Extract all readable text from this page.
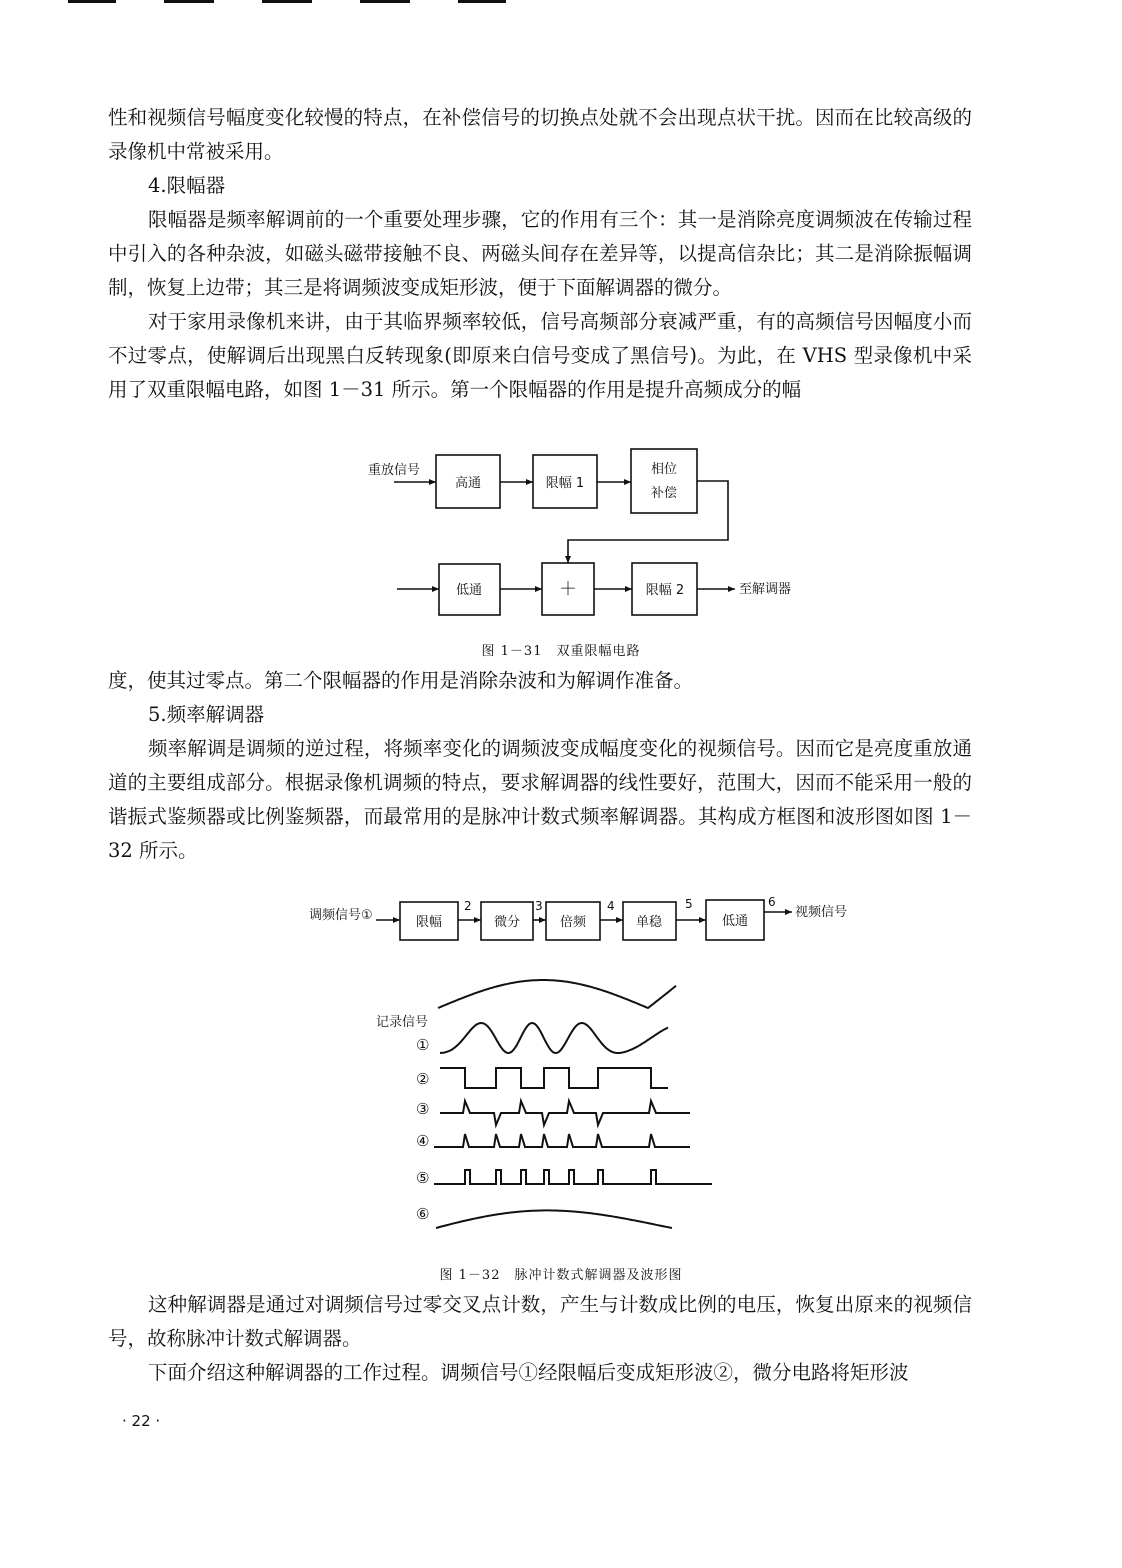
性和视频信号幅度变化较慢的特点，在补偿信号的切换点处就不会出现点状干扰。因而在比较高级的录像机中常被采用。

4.限幅器

限幅器是频率解调前的一个重要处理步骤，它的作用有三个：其一是消除亮度调频波在传输过程中引入的各种杂波，如磁头磁带接触不良、两磁头间存在差异等，以提高信杂比；其二是消除振幅调制，恢复上边带；其三是将调频波变成矩形波，便于下面解调器的微分。

对于家用录像机来讲，由于其临界频率较低，信号高频部分衰减严重，有的高频信号因幅度小而不过零点，使解调后出现黑白反转现象(即原来白信号变成了黑信号)。为此，在 VHS 型录像机中采用了双重限幅电路，如图 1－31 所示。第一个限幅器的作用是提升高频成分的幅

重放信号
高通	限幅 1
相位
补偿
低通	＋	限幅 2	至解调器
图 1－31　双重限幅电路

度，使其过零点。第二个限幅器的作用是消除杂波和为解调作准备。

5.频率解调器

频率解调是调频的逆过程，将频率变化的调频波变成幅度变化的视频信号。因而它是亮度重放通道的主要组成部分。根据录像机调频的特点，要求解调器的线性要好，范围大，因而不能采用一般的谐振式鉴频器或比例鉴频器，而最常用的是脉冲计数式频率解调器。其构成方框图和波形图如图 1－32 所示。

调频信号①	限幅	微分	倍频	单稳	低通
2	3	4	5	6
视频信号
记录信号
①
②
③
④
⑤
⑥
图 1－32　脉冲计数式解调器及波形图

这种解调器是通过对调频信号过零交叉点计数，产生与计数成比例的电压，恢复出原来的视频信号，故称脉冲计数式解调器。

下面介绍这种解调器的工作过程。调频信号①经限幅后变成矩形波②，微分电路将矩形波

· 22 ·
